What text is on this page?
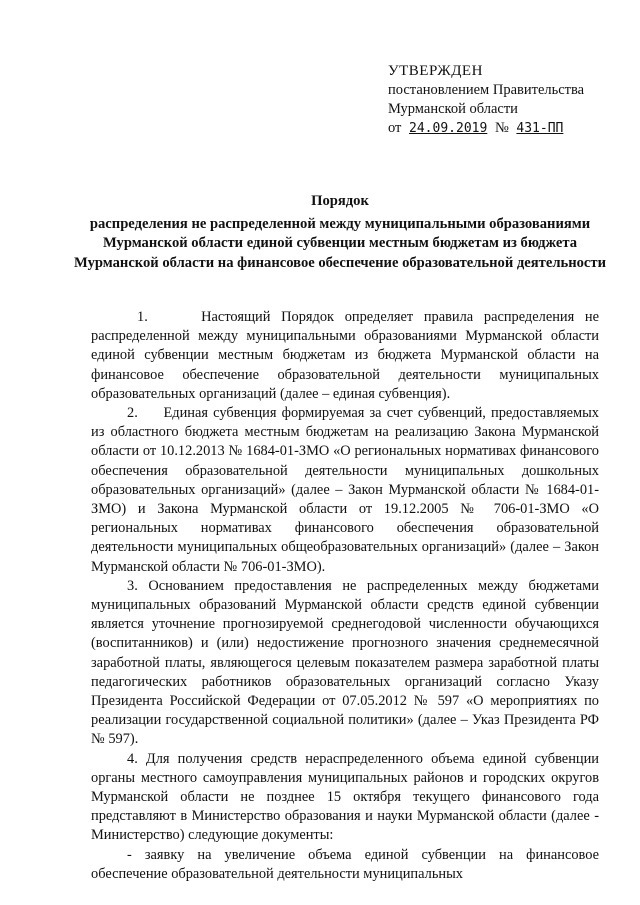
УТВЕРЖДЕН
постановлением Правительства
Мурманской области
от 24.09.2019 № 431-ПП
Порядок
распределения не распределенной между муниципальными образованиями Мурманской области единой субвенции местным бюджетам из бюджета Мурманской области на финансовое обеспечение образовательной деятельности

1.     Настоящий Порядок определяет правила распределения не распределенной между муниципальными образованиями Мурманской области единой субвенции местным бюджетам из бюджета Мурманской области на финансовое обеспечение образовательной деятельности муниципальных образовательных организаций (далее – единая субвенция).

2.     Единая субвенция формируемая за счет субвенций, предоставляемых из областного бюджета местным бюджетам на реализацию Закона Мурманской области от 10.12.2013 № 1684-01-ЗМО «О региональных нормативах финансового обеспечения образовательной деятельности муниципальных дошкольных образовательных организаций» (далее – Закон Мурманской области № 1684-01-ЗМО) и Закона Мурманской области от 19.12.2005 № 706-01-ЗМО «О региональных нормативах финансового обеспечения образовательной деятельности муниципальных общеобразовательных организаций» (далее – Закон Мурманской области № 706-01-ЗМО).

3. Основанием предоставления не распределенных между бюджетами муниципальных образований Мурманской области средств единой субвенции является уточнение прогнозируемой среднегодовой численности обучающихся (воспитанников) и (или) недостижение прогнозного значения среднемесячной заработной платы, являющегося целевым показателем размера заработной платы педагогических работников образовательных организаций согласно Указу Президента Российской Федерации от 07.05.2012 № 597 «О мероприятиях по реализации государственной социальной политики» (далее – Указ Президента РФ № 597).

4. Для получения средств нераспределенного объема единой субвенции органы местного самоуправления муниципальных районов и городских округов Мурманской области не позднее 15 октября текущего финансового года представляют в Министерство образования и науки Мурманской области (далее - Министерство) следующие документы:

- заявку на увеличение объема единой субвенции на финансовое обеспечение образовательной деятельности муниципальных
